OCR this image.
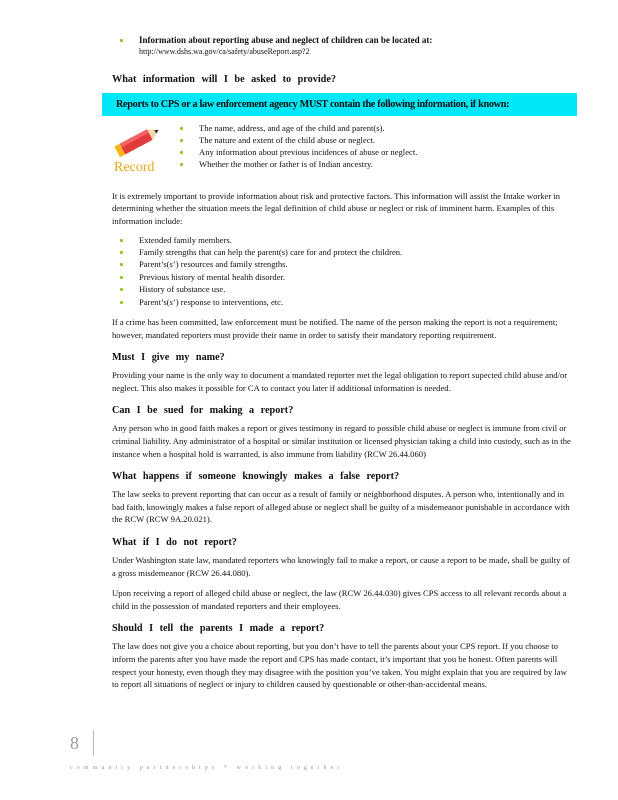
Information about reporting abuse and neglect of children can be located at:
http://www.dshs.wa.gov/ca/safety/abuseReport.asp?2
What information will I be asked to provide?
Reports to CPS or a law enforcement agency MUST contain the following information, if known:
Record
The name, address, and age of the child and parent(s).
The nature and extent of the child abuse or neglect.
Any information about previous incidences of abuse or neglect.
Whether the mother or father is of Indian ancestry.

It is extremely important to provide information about risk and protective factors. This information will assist the Intake worker in determining whether the situation meets the legal definition of child abuse or neglect or risk of imminent harm. Examples of this information include:

Extended family members.
Family strengths that can help the parent(s) care for and protect the children.
Parent’s(s’) resources and family strengths.
Previous history of mental health disorder.
History of substance use.
Parent’s(s’) response to interventions, etc.

If a crime has been committed, law enforcement must be notified. The name of the person making the report is not a requirement; however, mandated reporters must provide their name in order to satisfy their mandatory reporting requirement.

Must I give my name?

Providing your name is the only way to document a mandated reporter met the legal obligation to report supected child abuse and/or neglect. This also makes it possible for CA to contact you later if additional information is needed.

Can I be sued for making a report?

Any person who in good faith makes a report or gives testimony in regard to possible child abuse or neglect is immune from civil or criminal liability. Any administrator of a hospital or similar institution or licensed physician taking a child into custody, such as in the instance when a hospital hold is warranted, is also immune from liability (RCW 26.44.060)

What happens if someone knowingly makes a false report?

The law seeks to prevent reporting that can occur as a result of family or neighborhood disputes. A person who, intentionally and in bad faith, knowingly makes a false report of alleged abuse or neglect shall be guilty of a misdemeanor punishable in accordance with the RCW (RCW 9A.20.021).

What if I do not report?

Under Washington state law, mandated reporters who knowingly fail to make a report, or cause a report to be made, shall be guilty of a gross misdemeanor (RCW 26.44.080).

Upon receiving a report of alleged child abuse or neglect, the law (RCW 26.44.030) gives CPS access to all relevant records about a child in the possession of mandated reporters and their employees.

Should I tell the parents I made a report?

The law does not give you a choice about reporting, but you don’t have to tell the parents about your CPS report. If you choose to inform the parents after you have made the report and CPS has made contact, it’s important that you be honest. Often parents will respect your honesty, even though they may disagree with the position you’ve taken. You might explain that you are required by law to report all situations of neglect or injury to children caused by questionable or other-than-accidental means.

8
community partnerships * working together
